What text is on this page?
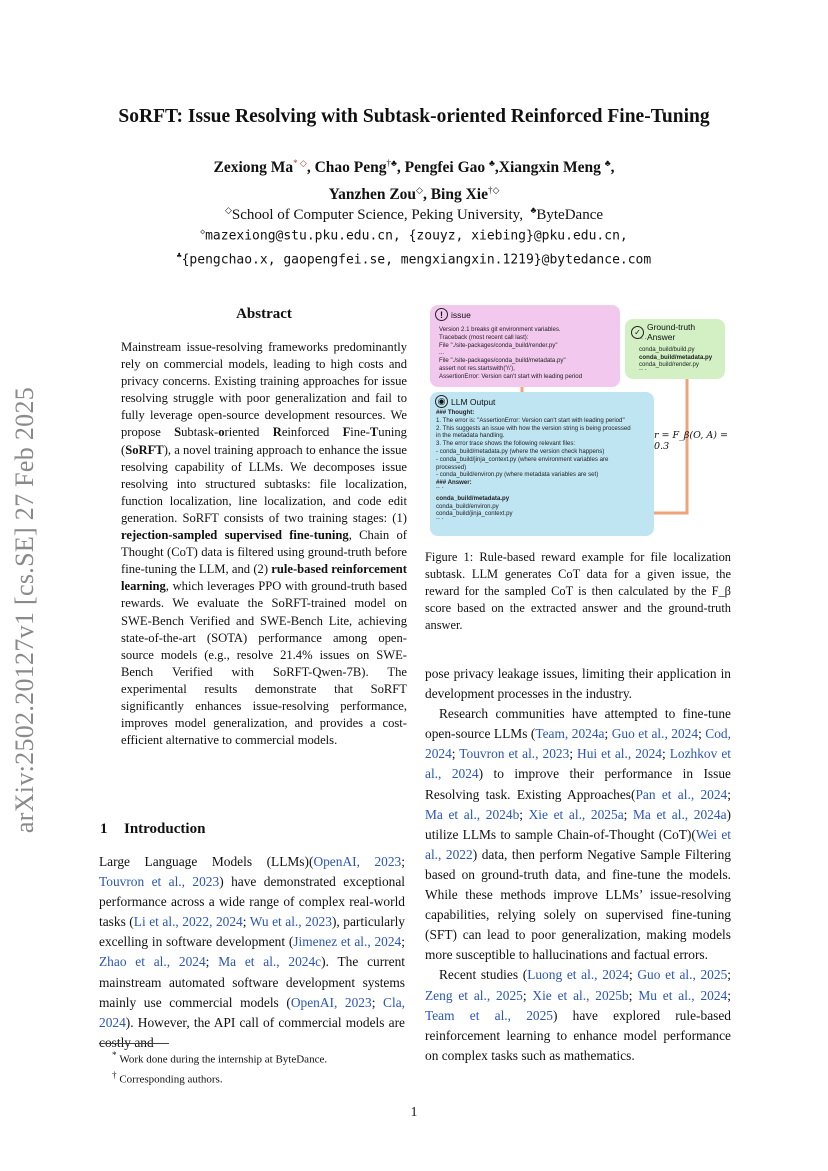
arXiv:2502.20127v1 [cs.SE] 27 Feb 2025
SoRFT: Issue Resolving with Subtask-oriented Reinforced Fine-Tuning
Zexiong Ma* ◇, Chao Peng†♣, Pengfei Gao ♣,Xiangxin Meng ♣,
Yanzhen Zou◇, Bing Xie†◇
◇School of Computer Science, Peking University, ♣ByteDance
◇mazexiong@stu.pku.edu.cn, {zouyz, xiebing}@pku.edu.cn,
♣{pengchao.x, gaopengfei.se, mengxiangxin.1219}@bytedance.com
Abstract

Mainstream issue-resolving frameworks predominantly rely on commercial models, leading to high costs and privacy concerns. Existing training approaches for issue resolving struggle with poor generalization and fail to fully leverage open-source development resources. We propose Subtask-oriented Reinforced Fine-Tuning (SoRFT), a novel training approach to enhance the issue resolving capability of LLMs. We decomposes issue resolving into structured subtasks: file localization, function localization, line localization, and code edit generation. SoRFT consists of two training stages: (1) rejection-sampled supervised fine-tuning, Chain of Thought (CoT) data is filtered using ground-truth before fine-tuning the LLM, and (2) rule-based reinforcement learning, which leverages PPO with ground-truth based rewards. We evaluate the SoRFT-trained model on SWE-Bench Verified and SWE-Bench Lite, achieving state-of-the-art (SOTA) performance among open-source models (e.g., resolve 21.4% issues on SWE-Bench Verified with SoRFT-Qwen-7B). The experimental results demonstrate that SoRFT significantly enhances issue-resolving performance, improves model generalization, and provides a cost-efficient alternative to commercial models.

1 Introduction

Large Language Models (LLMs)(OpenAI, 2023; Touvron et al., 2023) have demonstrated exceptional performance across a wide range of complex real-world tasks (Li et al., 2022, 2024; Wu et al., 2023), particularly excelling in software development (Jimenez et al., 2024; Zhao et al., 2024; Ma et al., 2024c). The current mainstream automated software development systems mainly use commercial models (OpenAI, 2023; Cla, 2024). However, the API call of commercial models are costly and

* Work done during the internship at ByteDance.
† Corresponding authors.
1
! issue
Version 2.1 breaks git environment variables.
Traceback (most recent call last):
File "./site-packages/conda_build/render.py"
...
File "./site-packages/conda_build/metadata.py"
assert not res.startswith('\\'),
AssertionError: Version can't start with leading period
✓ Ground-truth Answer
`` `
conda_build/build.py
conda_build/metadata.py
conda_build/render.py
`` `
◉ LLM Output
### Thought:
1. The error is: "AssertionError: Version can't start with leading period"
2. This suggests an issue with how the version string is being processed
in the metadata handling.
3. The error trace shows the following relevant files:
- conda_build/metadata.py (where the version check happens)
- conda_build/jinja_context.py (where environment variables are
processed)
- conda_build/environ.py (where metadata variables are set)
### Answer:
`` `
conda_build/metadata.py
conda_build/environ.py
conda_build/jinja_context.py
`` `
r = F_β(O, A) = 0.3
Figure 1: Rule-based reward example for file localization subtask. LLM generates CoT data for a given issue, the reward for the sampled CoT is then calculated by the F_β score based on the extracted answer and the ground-truth answer.

pose privacy leakage issues, limiting their application in development processes in the industry.

Research communities have attempted to fine-tune open-source LLMs (Team, 2024a; Guo et al., 2024; Cod, 2024; Touvron et al., 2023; Hui et al., 2024; Lozhkov et al., 2024) to improve their performance in Issue Resolving task. Existing Approaches(Pan et al., 2024; Ma et al., 2024b; Xie et al., 2025a; Ma et al., 2024a) utilize LLMs to sample Chain-of-Thought (CoT)(Wei et al., 2022) data, then perform Negative Sample Filtering based on ground-truth data, and fine-tune the models. While these methods improve LLMs’ issue-resolving capabilities, relying solely on supervised fine-tuning (SFT) can lead to poor generalization, making models more susceptible to hallucinations and factual errors.

Recent studies (Luong et al., 2024; Guo et al., 2025; Zeng et al., 2025; Xie et al., 2025b; Mu et al., 2024; Team et al., 2025) have explored rule-based reinforcement learning to enhance model performance on complex tasks such as mathematics.
